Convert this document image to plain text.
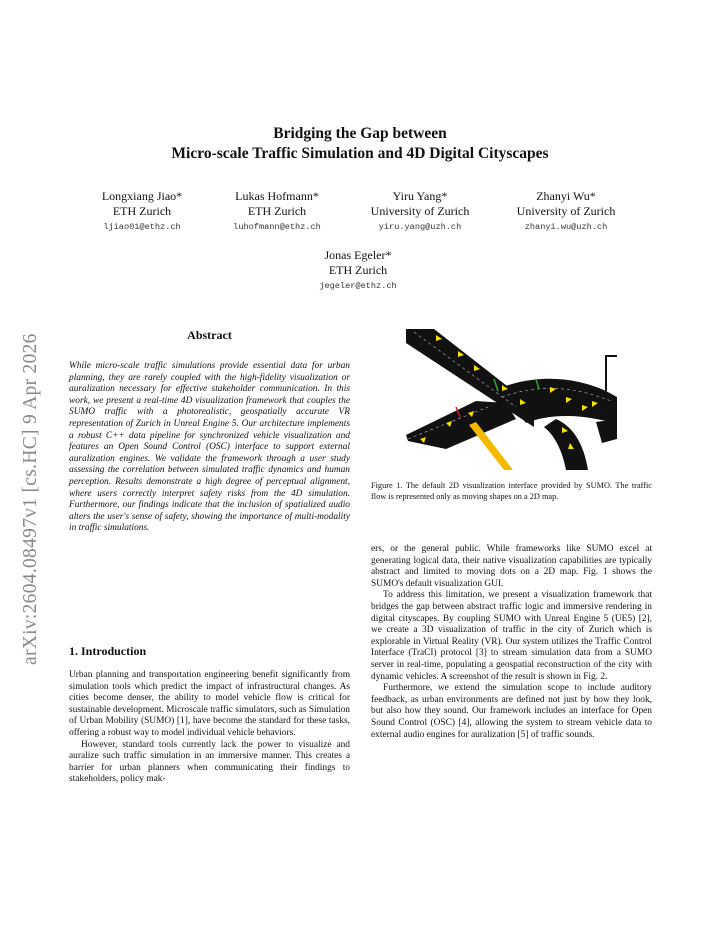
arXiv:2604.08497v1 [cs.HC] 9 Apr 2026
Bridging the Gap between
Micro-scale Traffic Simulation and 4D Digital Cityscapes
Longxiang Jiao*
ETH Zurich
ljiao01@ethz.ch
Lukas Hofmann*
ETH Zurich
luhofmann@ethz.ch
Yiru Yang*
University of Zurich
yiru.yang@uzh.ch
Zhanyi Wu*
University of Zurich
zhanyi.wu@uzh.ch
Jonas Egeler*
ETH Zurich
jegeler@ethz.ch
Abstract
While micro-scale traffic simulations provide essential data for urban planning, they are rarely coupled with the high-fidelity visualization or auralization necessary for effective stakeholder communication. In this work, we present a real-time 4D visualization framework that couples the SUMO traffic with a photorealistic, geospatially accurate VR representation of Zurich in Unreal Engine 5. Our architecture implements a robust C++ data pipeline for synchronized vehicle visualization and features an Open Sound Control (OSC) interface to support external auralization engines. We validate the framework through a user study assessing the correlation between simulated traffic dynamics and human perception. Results demonstrate a high degree of perceptual alignment, where users correctly interpret safety risks from the 4D simulation. Furthermore, our findings indicate that the inclusion of spatialized audio alters the user's sense of safety, showing the importance of multi-modality in traffic simulations.
1. Introduction

Urban planning and transportation engineering benefit significantly from simulation tools which predict the impact of infrastructural changes. As cities become denser, the ability to model vehicle flow is critical for sustainable development. Microscale traffic simulators, such as Simulation of Urban Mobility (SUMO) [1], have become the standard for these tasks, offering a robust way to model individual vehicle behaviors.

However, standard tools currently lack the power to visualize and auralize such traffic simulation in an immersive manner. This creates a barrier for urban planners when communicating their findings to stakeholders, policy mak-

Figure 1. The default 2D visualization interface provided by SUMO. The traffic flow is represented only as moving shapes on a 2D map.

ers, or the general public. While frameworks like SUMO excel at generating logical data, their native visualization capabilities are typically abstract and limited to moving dots on a 2D map. Fig. 1 shows the SUMO's default visualization GUI.

To address this limitation, we present a visualization framework that bridges the gap between abstract traffic logic and immersive rendering in digital cityscapes. By coupling SUMO with Unreal Engine 5 (UE5) [2], we create a 3D visualization of traffic in the city of Zurich which is explorable in Virtual Reality (VR). Our system utilizes the Traffic Control Interface (TraCI) protocol [3] to stream simulation data from a SUMO server in real-time, populating a geospatial reconstruction of the city with dynamic vehicles. A screenshot of the result is shown in Fig. 2.

Furthermore, we extend the simulation scope to include auditory feedback, as urban environments are defined not just by how they look, but also how they sound. Our framework includes an interface for Open Sound Control (OSC) [4], allowing the system to stream vehicle data to external audio engines for auralization [5] of traffic sounds.
